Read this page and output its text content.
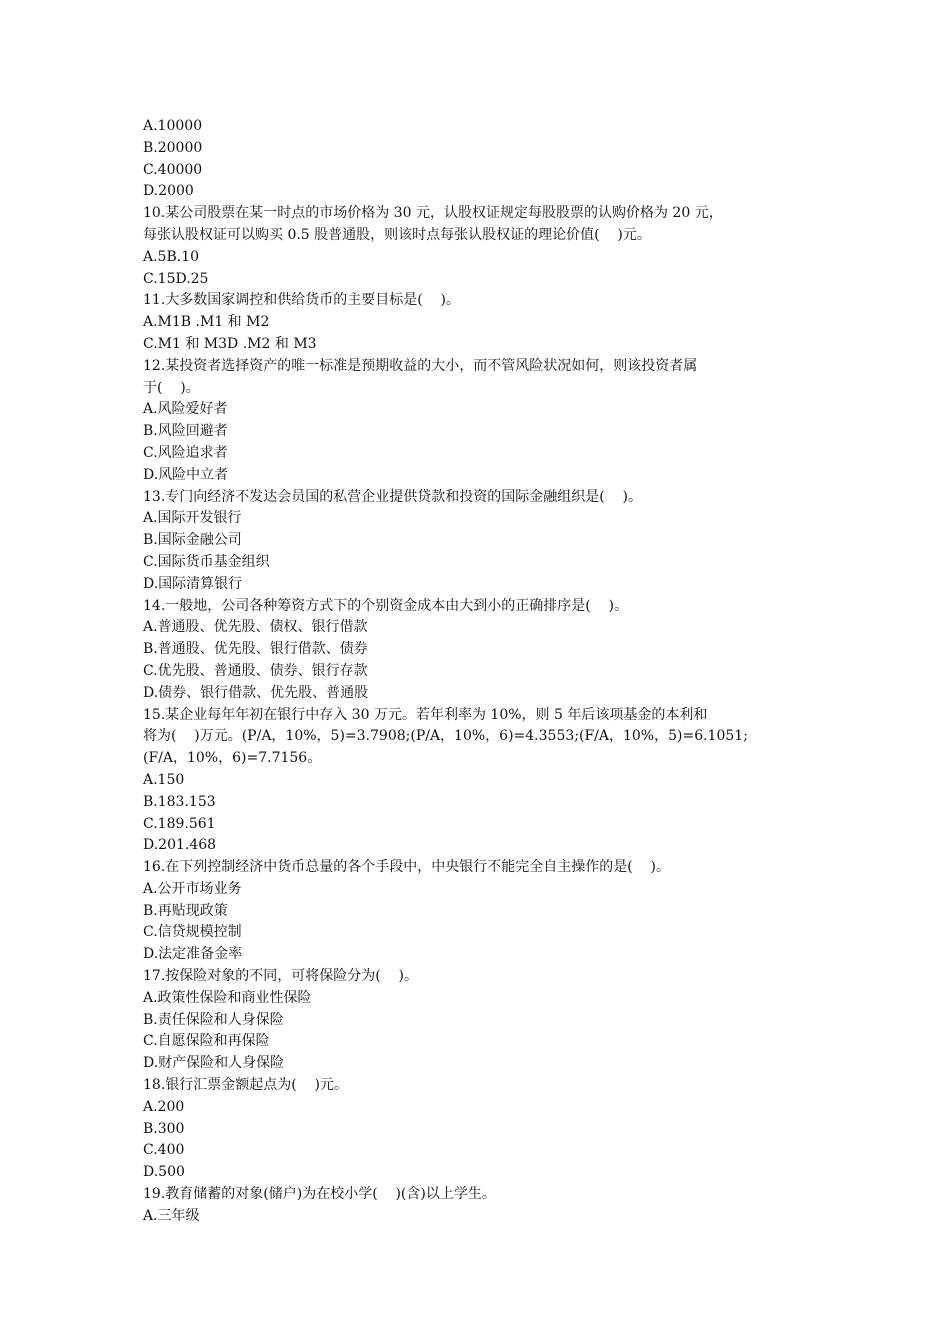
A.10000
B.20000
C.40000
D.2000
10.某公司股票在某一时点的市场价格为 30 元，认股权证规定每股股票的认购价格为 20 元，
每张认股权证可以购买 0.5 股普通股，则该时点每张认股权证的理论价值(    )元。
A.5B.10
C.15D.25
11.大多数国家调控和供给货币的主要目标是(    )。
A.M1B .M1 和 M2
C.M1 和 M3D .M2 和 M3
12.某投资者选择资产的唯一标准是预期收益的大小，而不管风险状况如何，则该投资者属
于(    )。
A.风险爱好者
B.风险回避者
C.风险追求者
D.风险中立者
13.专门向经济不发达会员国的私营企业提供贷款和投资的国际金融组织是(    )。
A.国际开发银行
B.国际金融公司
C.国际货币基金组织
D.国际清算银行
14.一般地，公司各种筹资方式下的个别资金成本由大到小的正确排序是(    )。
A.普通股、优先股、债权、银行借款
B.普通股、优先股、银行借款、债券
C.优先股、普通股、债券、银行存款
D.债券、银行借款、优先股、普通股
15.某企业每年年初在银行中存入 30 万元。若年利率为 10%，则 5 年后该项基金的本利和
将为(    )万元。(P/A，10%，5)=3.7908;(P/A，10%，6)=4.3553;(F/A，10%，5)=6.1051;
(F/A，10%，6)=7.7156。
A.150
B.183.153
C.189.561
D.201.468
16.在下列控制经济中货币总量的各个手段中，中央银行不能完全自主操作的是(    )。
A.公开市场业务
B.再贴现政策
C.信贷规模控制
D.法定准备金率
17.按保险对象的不同，可将保险分为(    )。
A.政策性保险和商业性保险
B.责任保险和人身保险
C.自愿保险和再保险
D.财产保险和人身保险
18.银行汇票金额起点为(    )元。
A.200
B.300
C.400
D.500
19.教育储蓄的对象(储户)为在校小学(    )(含)以上学生。
A.三年级
